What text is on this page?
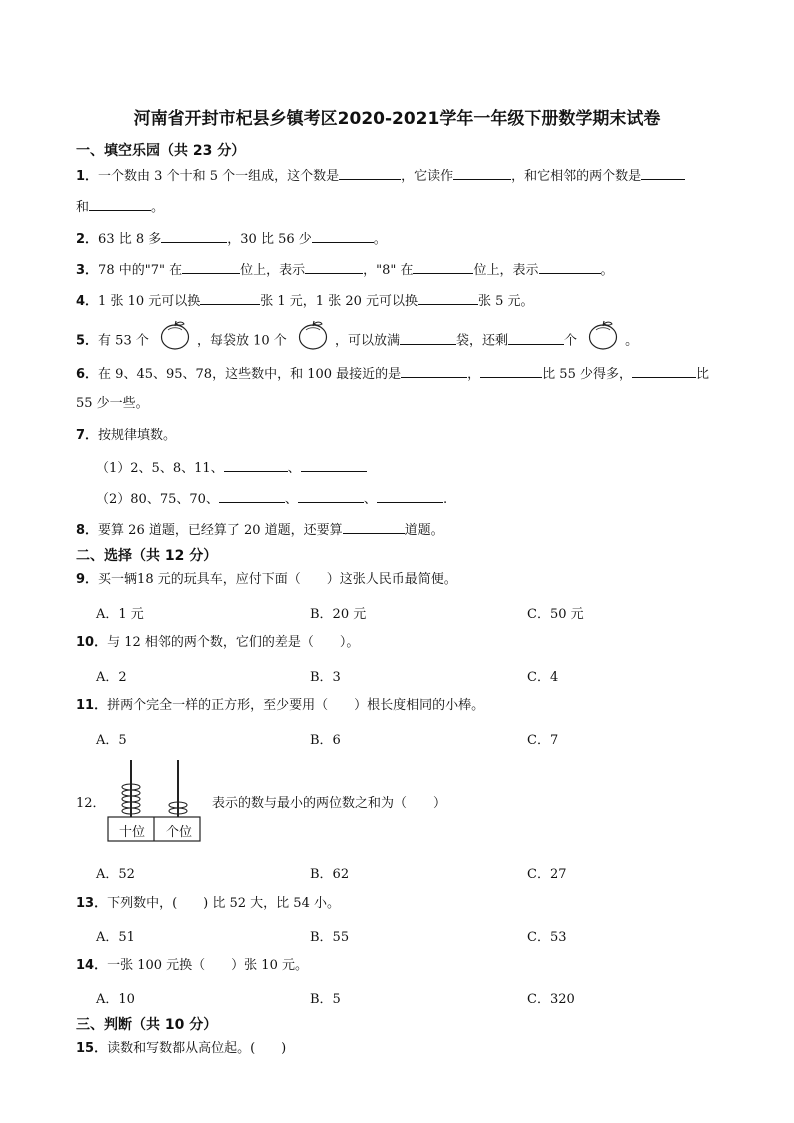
河南省开封市杞县乡镇考区2020-2021学年一年级下册数学期末试卷
一、填空乐园（共 23 分）
1．一个数由 3 个十和 5 个一组成，这个数是	，它读作	，和它相邻的两个数是
和	。
2．63 比 8 多	，30 比 56 少	。
3．78 中的"7" 在	位上，表示	，"8" 在	位上，表示	。
4．1 张 10 元可以换	张 1 元，1 张 20 元可以换	张 5 元。
5．有 53 个	，每袋放 10 个	，可以放满	袋，还剩	个	。
6．在 9、45、95、78，这些数中，和 100 最接近的是	，	比 55 少得多，	比
55 少一些。
7．按规律填数。
（1）2、5、8、11、	、
（2）80、75、70、	、	、	.
8．要算 26 道题，已经算了 20 道题，还要算	道题。
二、选择（共 12 分）
9．买一辆18 元的玩具车，应付下面（　　）这张人民币最简便。
A．1 元	B．20 元	C．50 元
10．与 12 相邻的两个数，它们的差是（　　）。
A．2	B．3	C．4
11．拼两个完全一样的正方形，至少要用（　　）根长度相同的小棒。
A．5	B．6	C．7
12．
十位	个位
表示的数与最小的两位数之和为（　　）
A．52	B．62	C．27
13．下列数中，(　　) 比 52 大，比 54 小。
A．51	B．55	C．53
14．一张 100 元换（　　）张 10 元。
A．10	B．5	C．320
三、判断（共 10 分）
15．读数和写数都从高位起。(　　)
